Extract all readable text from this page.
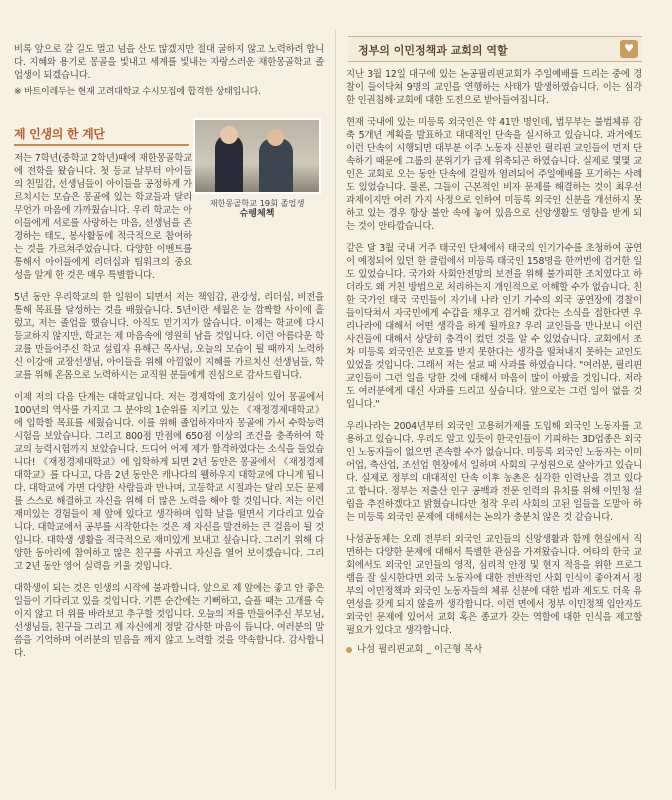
비록 앞으로 갈 길도 멀고 넘을 산도 많겠지만 절대 굴하지 않고 노력하려 합니다. 지혜와 용기로 몽골을 빛내고 세계를 빛내는 자랑스러운 재한몽골학교 졸업생이 되겠습니다.

※ 바트이레두는 현재 고려대학교 수시모집에 합격한 상태입니다.

제 인생의 한 계단

저는 7학년(중학교 2학년)때에 재한몽골학교에 전학을 왔습니다. 첫 등교 날부터 아이들의 친밀감, 선생님들이 아이들을 공정하게 가르치시는 모습은 몽골에 있는 학교들과 달리 무언가 마음에 가까웠습니다. 우리 학교는 아이들에게 서로를 사랑하는 마음, 선생님을 존경하는 태도, 봉사활동에 적극적으로 참여하는 것을 가르쳐주었습니다. 다양한 이벤트를 통해서 아이들에게 리더십과 팀워크의 중요성을 알게 한 것은 매우 특별합니다.

5년 동안 우리학교의 한 일원이 되면서 저는 책임감, 관강성, 리더십, 비전을 통해 목표를 달성하는 것을 배웠습니다. 5년이란 세월은 눈 깜짝할 사이에 흘렀고, 저는 졸업을 했습니다. 아직도 믿기지가 않습니다. 이제는 학교에 다시 등교하지 않지만, 학교는 제 마음속에 영원히 남을 것입니다. 이런 아름다운 학교를 만들어주신 학교 설립자 유해근 목사님, 오늘의 모습이 될 때까지 노력하신 이강애 교장선생님, 아이들을 위해 아낌없이 지혜를 가르치신 선생님들, 학교를 위해 온몸으로 노력하시는 교직원 분들에게 진심으로 감사드립니다.

이제 저의 다음 단계는 대학교입니다. 저는 경제학에 호기심이 있어 몽골에서 100년의 역사를 가지고 그 분야의 1순위를 지키고 있는 《재정경제대학교》에 입학할 목표를 세웠습니다. 이를 위해 졸업하자마자 몽골에 가서 수학능력시험을 보았습니다. 그리고 800점 만점에 650점 이상의 조건을 충족하여 학교의 능력시험까지 보았습니다. 드디어 어제 제가 합격하였다는 소식을 들었습니다! 《재정경제대학교》에 입학하게 되면 2년 동안은 몽골에서 《재정경제대학교》를 다니고, 다음 2년 동안은 캐나다의 웰하우지 대학교에 다니게 됩니다. 대학교에 가면 다양한 사람들과 만나며, 고등학교 시절과는 달리 모든 문제를 스스로 해결하고 자신을 위해 더 많은 노력을 해야 할 것입니다. 저는 이런 재미있는 경험들이 제 앞에 있다고 생각하며 입학 날을 떨면서 기다리고 있습니다. 대학교에서 공부를 시작한다는 것은 제 자신을 발견하는 큰 걸음이 될 것입니다. 대학생 생활을 적극적으로 재미있게 보내고 싶습니다. 그러기 위해 다양한 동아리에 참여하고 많은 친구를 사귀고 자신을 열어 보이겠습니다. 그리고 2년 동안 영어 실력을 키울 것입니다.

대학생이 되는 것은 인생의 시작에 불과합니다. 앞으로 제 앞에는 좋고 안 좋은 일들이 기다리고 있을 것입니다. 기쁜 순간에는 기뻐하고, 슬플 때는 고개를 숙이지 않고 더 위를 바라보고 추구할 것입니다. 오늘의 저를 만들어주신 부모님, 선생님들, 친구들 그리고 제 자신에게 정말 감사한 마음이 듭니다. 여러분의 말씀을 기억하며 여러분의 믿음을 깨지 않고 노력할 것을 약속합니다. 감사합니다.

재한몽골학교 19회 졸업생
슈렝체첵
정부의 이민정책과 교회의 역할	♥

지난 3월 12일 대구에 있는 논공필리핀교회가 주일예배를 드리는 중에 경찰이 들이닥쳐 9명의 교인을 연행하는 사태가 발생하였습니다. 이는 심각한 인권침해·교회에 대한 도전으로 받아들여집니다.

현재 국내에 있는 미등록 외국인은 약 41만 명인데, 법무부는 불법체류 감축 5개년 계획을 발표하고 대대적인 단속을 실시하고 있습니다. 과거에도 이런 단속이 시행되면 대부분 이주 노동자 신분인 필리핀 교인들이 먼저 단속하기 때문에 그룹의 분위기가 급제 위축되곤 하였습니다. 실제로 몇몇 교인은 교회로 오는 동안 단속에 걸릴까 염려되어 주일예배를 포기하는 사례도 있었습니다. 물론, 그들이 근본적인 비자 문제를 해결하는 것이 최우선 과제이지만 여러 가지 사정으로 인하여 미등록 외국인 신분을 개선하지 못하고 있는 경우 항상 불안 속에 놓여 있음으로 신앙생활도 영향을 받게 되는 것이 안타깝습니다.

같은 달 3월 국내 거주 태국인 단체에서 태국의 인기가수를 초청하여 공연이 예정되어 있던 한 클럽에서 미등록 태국인 158명을 한꺼번에 검거한 일도 있었습니다. 국가와 사회안전망의 보전을 위해 불가피한 조치였다고 하더라도 왜 거친 방법으로 처리하는지 개인적으로 이해할 수가 없습니다. 친한 국가인 태국 국민들이 자기네 나라 인기 가수의 외국 공연장에 경찰이 들이닥쳐서 자국민에게 수갑을 채우고 검거해 갔다는 소식을 접한다면 우리나라에 대해서 어떤 생각을 하게 될까요? 우리 교인들을 만나보니 이런 사건들에 대해서 상당히 충격이 컸던 것을 알 수 있었습니다. 교회에서 조차 미등록 외국인은 보호를 받지 못한다는 생각을 떨쳐내지 못하는 교인도 있었을 것입니다. 그래서 저는 설교 때 사과를 하였습니다. "여러분, 필리핀 교인들이 그런 일을 당한 것에 대해서 마음이 많이 아팠을 것입니다. 저라도 여러분에게 대신 사과를 드리고 싶습니다. 앞으로는 그런 일이 없을 것입니다."

우리나라는 2004년부터 외국인 고용허가제를 도입해 외국인 노동자를 고용하고 있습니다. 우리도 알고 있듯이 한국인들이 기피하는 3D업종은 외국인 노동자들이 없으면 존속할 수가 없습니다. 미등록 외국인 노동자는 이미 어업, 축산업, 조선업 현장에서 일하며 사회의 구성원으로 살아가고 있습니다. 실제로 정부의 대대적인 단속 이후 농촌은 심각한 인력난을 겪고 있다고 합니다. 정부는 저출산 인구 공백과 전문 인력의 유치를 위해 이민청 설립을 추진하겠다고 밝혔습니다만 정작 우리 사회의 고된 일들을 도맡아 하는 미등록 외국인 문제에 대해서는 논의가 충분치 않은 것 같습니다.

나섬공동체는 오래 전부터 외국인 교인들의 신앙생활과 함께 현실에서 직면하는 다양한 문제에 대해서 특별한 관심을 가져왔습니다. 여타의 한국 교회에서도 외국인 교인들의 영적, 심리적 안정 및 현지 적응을 위한 프로그램을 잘 실시한다면 외국 노동자에 대한 전반적인 사회 인식이 좋아져서 정부의 이민정책과 외국인 노동자들의 체류 신분에 대한 법과 제도도 더욱 유연성을 갖게 되지 않을까 생각합니다. 이런 면에서 정부 이민정책 입안자도 외국인 문제에 있어서 교회 혹은 종교가 갖는 역할에 대한 인식을 제고할 필요가 있다고 생각합니다.

나섬 필리핀교회 _ 이근형 목사
